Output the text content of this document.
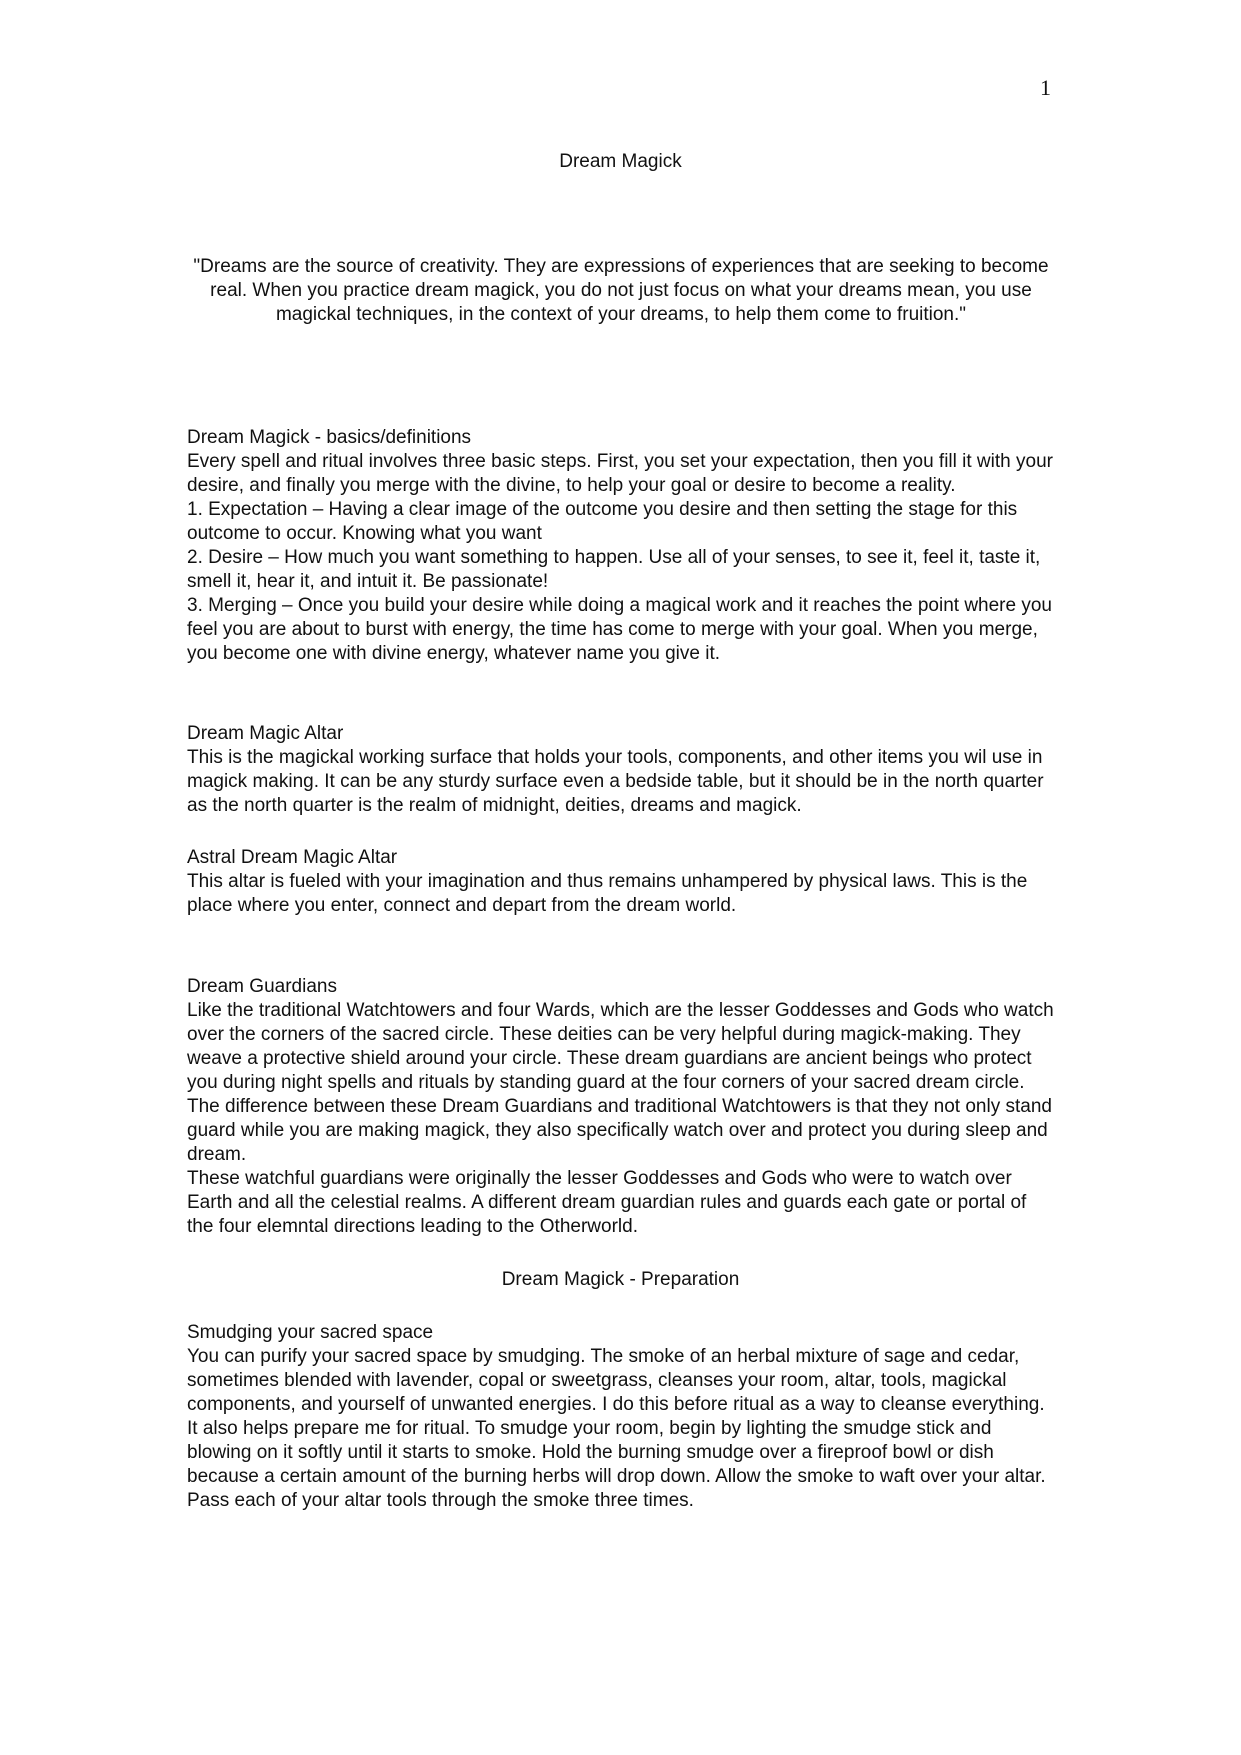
1
Dream Magick

"Dreams are the source of creativity. They are expressions of experiences that are seeking to become real. When you practice dream magick, you do not just focus on what your dreams mean, you use magickal techniques, in the context of your dreams, to help them come to fruition."

Dream Magick - basics/definitions

Every spell and ritual involves three basic steps. First, you set your expectation, then you fill it with your desire, and finally you merge with the divine, to help your goal or desire to become a reality.

1. Expectation – Having a clear image of the outcome you desire and then setting the stage for this outcome to occur. Knowing what you want

2. Desire – How much you want something to happen. Use all of your senses, to see it, feel it, taste it, smell it, hear it, and intuit it. Be passionate!

3. Merging – Once you build your desire while doing a magical work and it reaches the point where you feel you are about to burst with energy, the time has come to merge with your goal. When you merge, you become one with divine energy, whatever name you give it.

Dream Magic Altar

This is the magickal working surface that holds your tools, components, and other items you wil use in magick making. It can be any sturdy surface even a bedside table, but it should be in the north quarter as the north quarter is the realm of midnight, deities, dreams and magick.

Astral Dream Magic Altar

This altar is fueled with your imagination and thus remains unhampered by physical laws. This is the place where you enter, connect and depart from the dream world.

Dream Guardians

Like the traditional Watchtowers and four Wards, which are the lesser Goddesses and Gods who watch over the corners of the sacred circle. These deities can be very helpful during magick-making. They weave a protective shield around your circle. These dream guardians are ancient beings who protect you during night spells and rituals by standing guard at the four corners of your sacred dream circle. The difference between these Dream Guardians and traditional Watchtowers is that they not only stand guard while you are making magick, they also specifically watch over and protect you during sleep and dream.

These watchful guardians were originally the lesser Goddesses and Gods who were to watch over Earth and all the celestial realms. A different dream guardian rules and guards each gate or portal of the four elemntal directions leading to the Otherworld.

Dream Magick - Preparation
Smudging your sacred space

You can purify your sacred space by smudging. The smoke of an herbal mixture of sage and cedar, sometimes blended with lavender, copal or sweetgrass, cleanses your room, altar, tools, magickal components, and yourself of unwanted energies. I do this before ritual as a way to cleanse everything. It also helps prepare me for ritual. To smudge your room, begin by lighting the smudge stick and blowing on it softly until it starts to smoke. Hold the burning smudge over a fireproof bowl or dish because a certain amount of the burning herbs will drop down. Allow the smoke to waft over your altar. Pass each of your altar tools through the smoke three times.
